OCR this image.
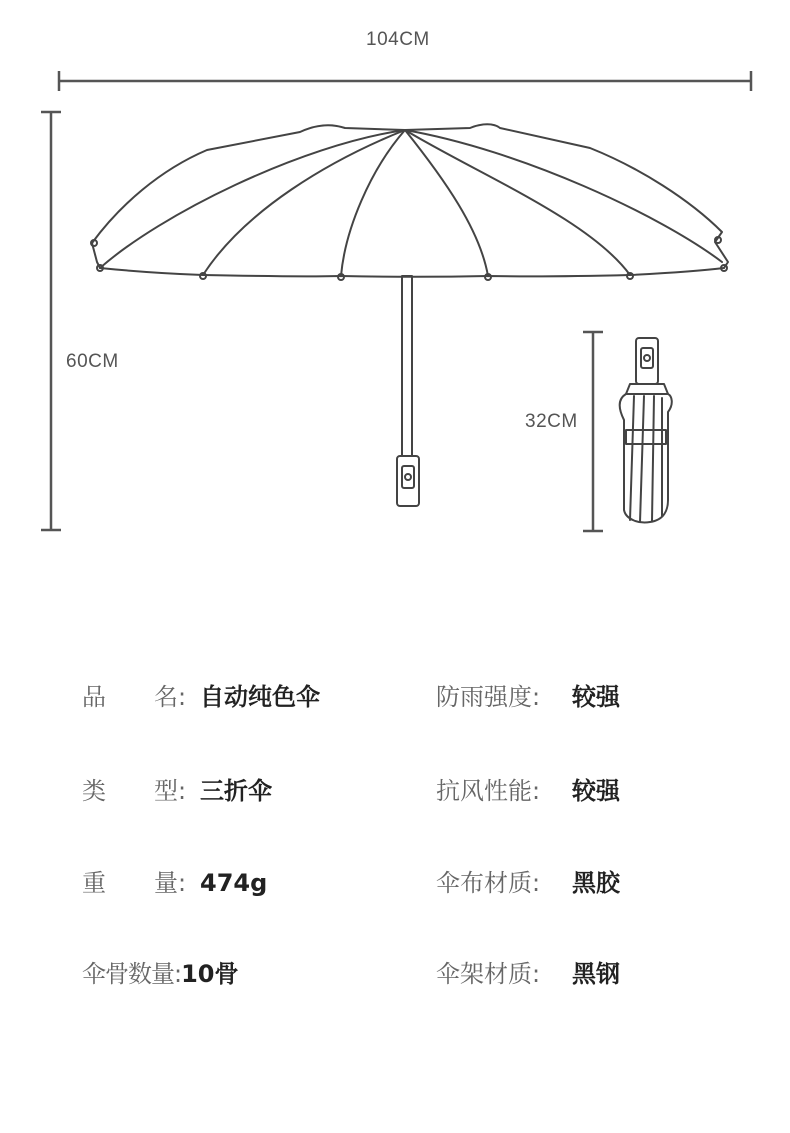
104CM
60CM
32CM
品　　名: 自动纯色伞
类　　型: 三折伞
重　　量: 474g
伞骨数量:10骨
防雨强度: 较强
抗风性能: 较强
伞布材质: 黑胶
伞架材质: 黑钢
